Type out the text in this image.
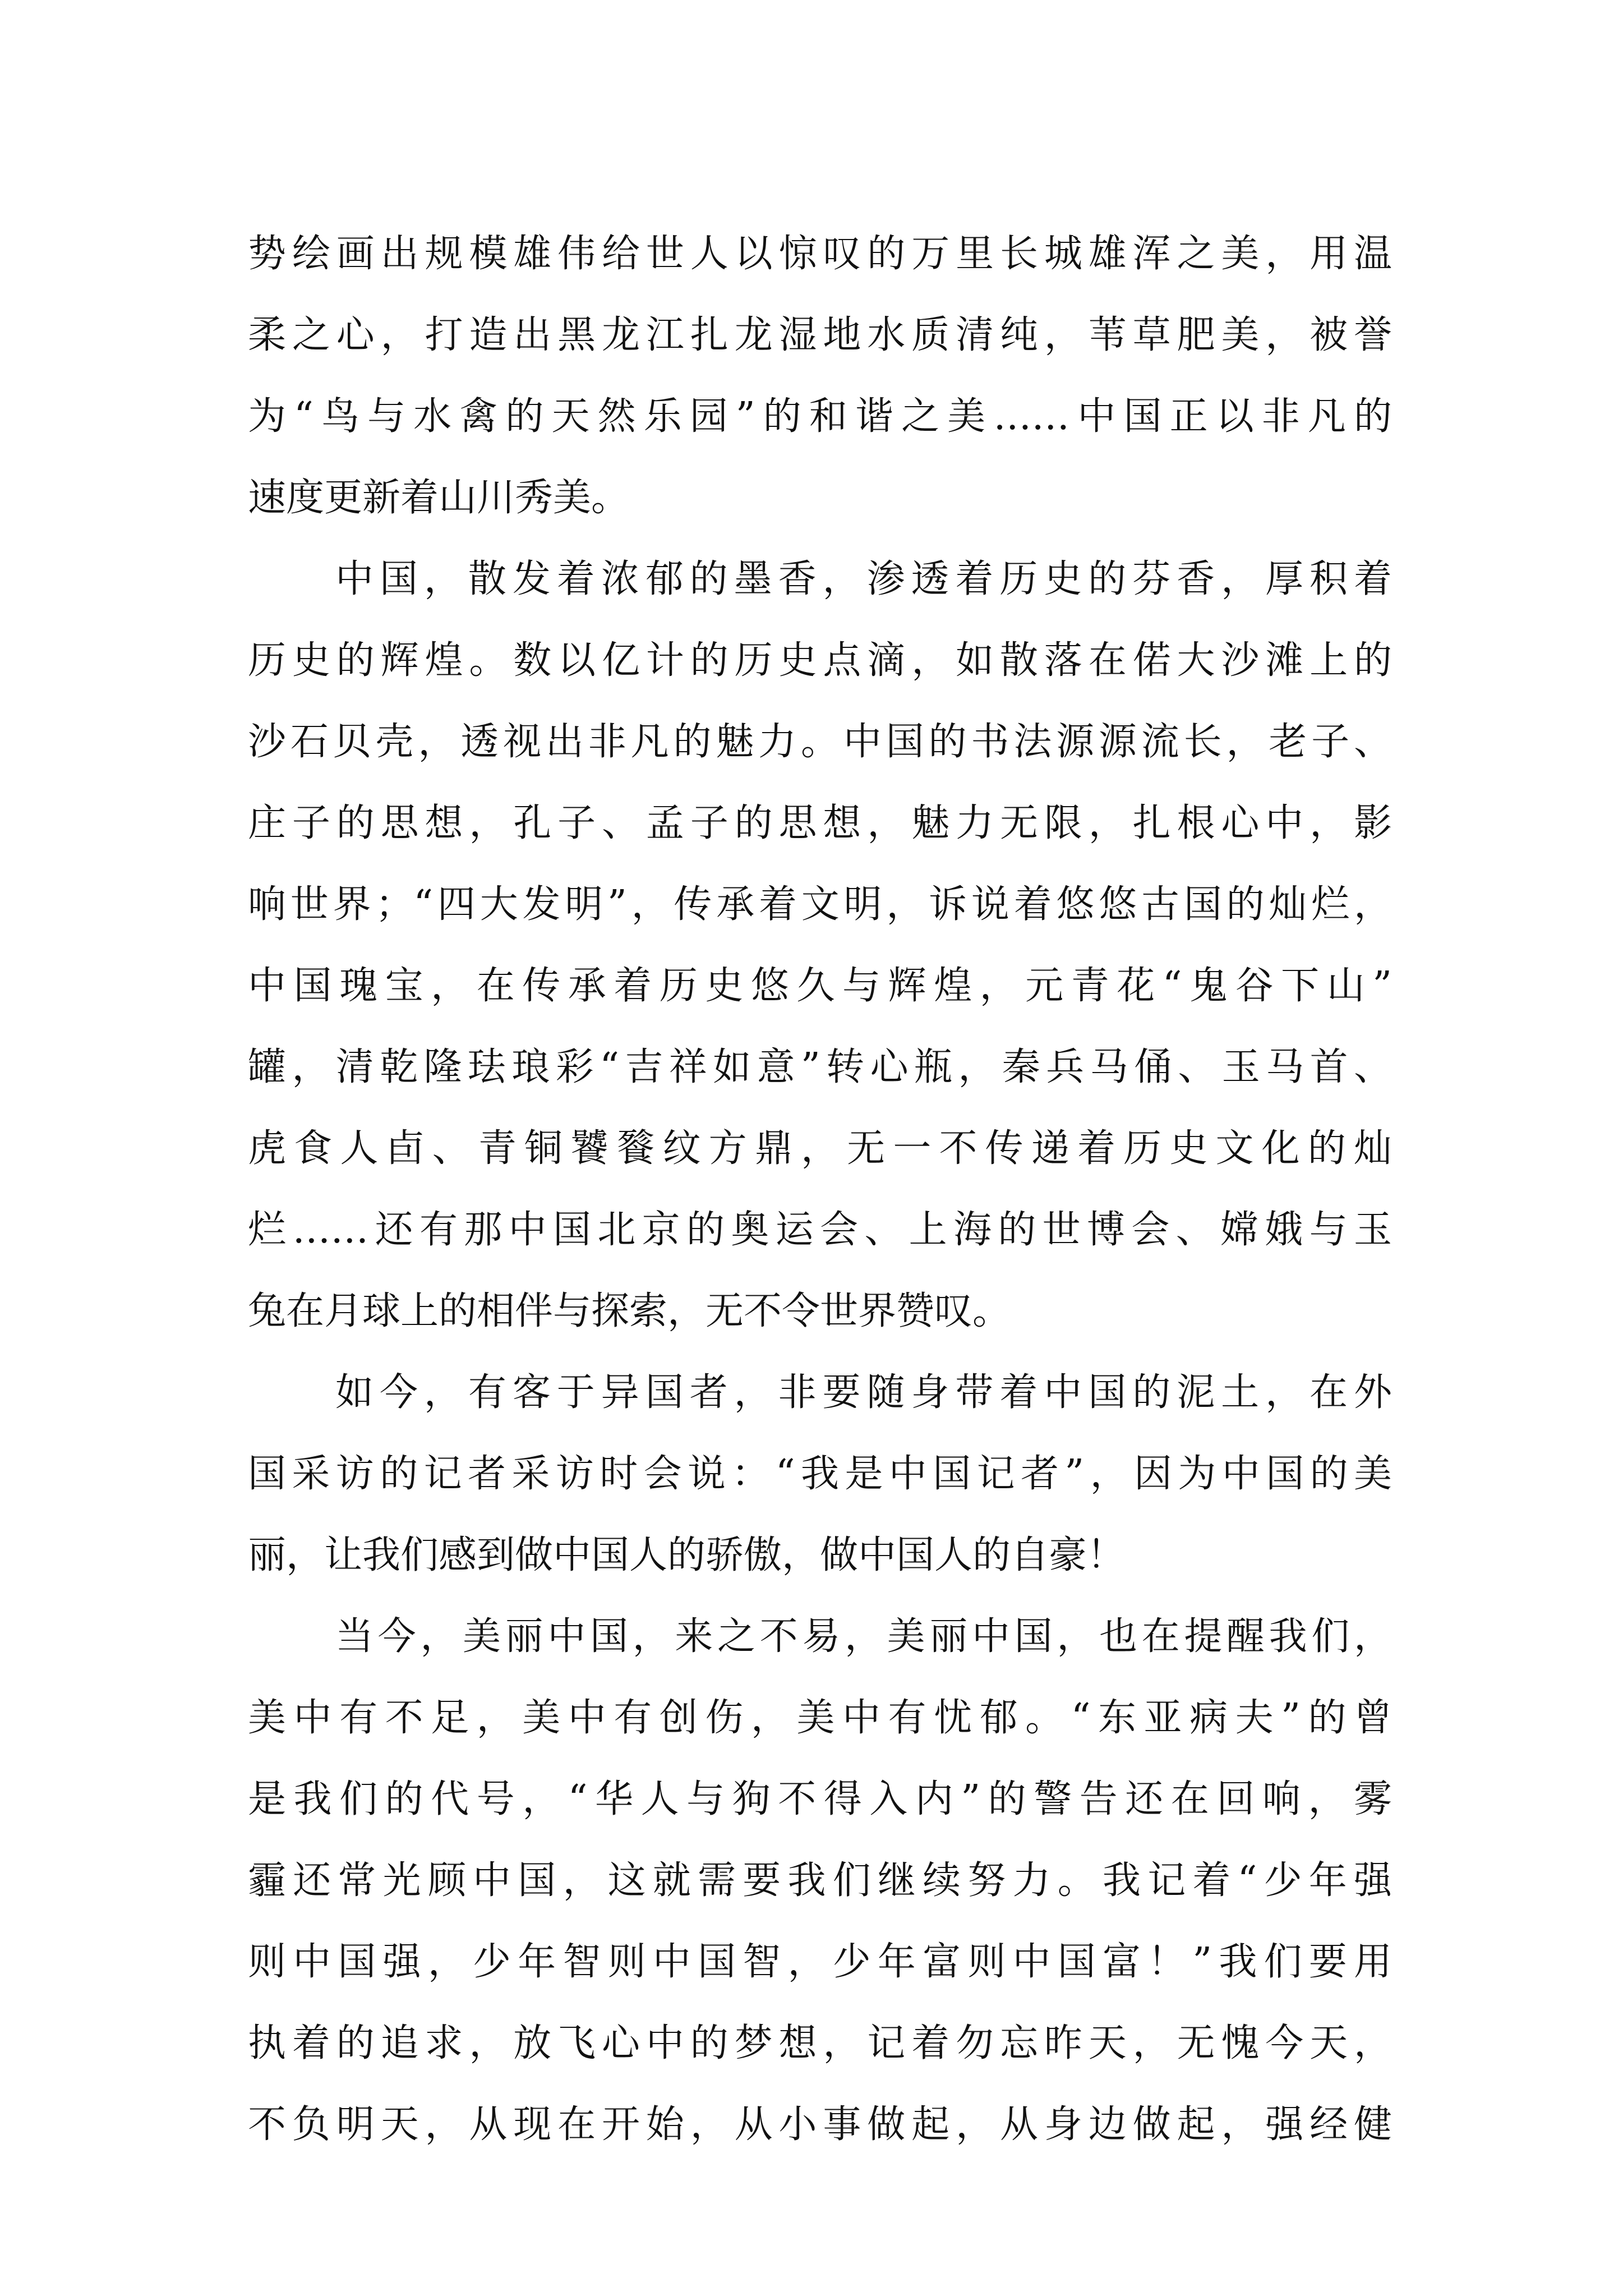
势绘画出规模雄伟给世人以惊叹的万里长城雄浑之美，用温
柔之心，打造出黑龙江扎龙湿地水质清纯，苇草肥美，被誉
为“鸟与水禽的天然乐园”的和谐之美……中国正以非凡的
速度更新着山川秀美。
中国，散发着浓郁的墨香，渗透着历史的芬香，厚积着
历史的辉煌。数以亿计的历史点滴，如散落在偌大沙滩上的
沙石贝壳，透视出非凡的魅力。中国的书法源源流长，老子、
庄子的思想，孔子、孟子的思想，魅力无限，扎根心中，影
响世界；“四大发明”，传承着文明，诉说着悠悠古国的灿烂，
中国瑰宝，在传承着历史悠久与辉煌，元青花“鬼谷下山”
罐，清乾隆珐琅彩“吉祥如意”转心瓶，秦兵马俑、玉马首、
虎食人卣、青铜饕餮纹方鼎，无一不传递着历史文化的灿
烂……还有那中国北京的奥运会、上海的世博会、嫦娥与玉
兔在月球上的相伴与探索，无不令世界赞叹。
如今，有客于异国者，非要随身带着中国的泥土，在外
国采访的记者采访时会说：“我是中国记者”，因为中国的美
丽，让我们感到做中国人的骄傲，做中国人的自豪！
当今，美丽中国，来之不易，美丽中国，也在提醒我们，
美中有不足，美中有创伤，美中有忧郁。“东亚病夫”的曾
是我们的代号，“华人与狗不得入内”的警告还在回响，雾
霾还常光顾中国，这就需要我们继续努力。我记着“少年强
则中国强，少年智则中国智，少年富则中国富！”我们要用
执着的追求，放飞心中的梦想，记着勿忘昨天，无愧今天，
不负明天，从现在开始，从小事做起，从身边做起，强经健
